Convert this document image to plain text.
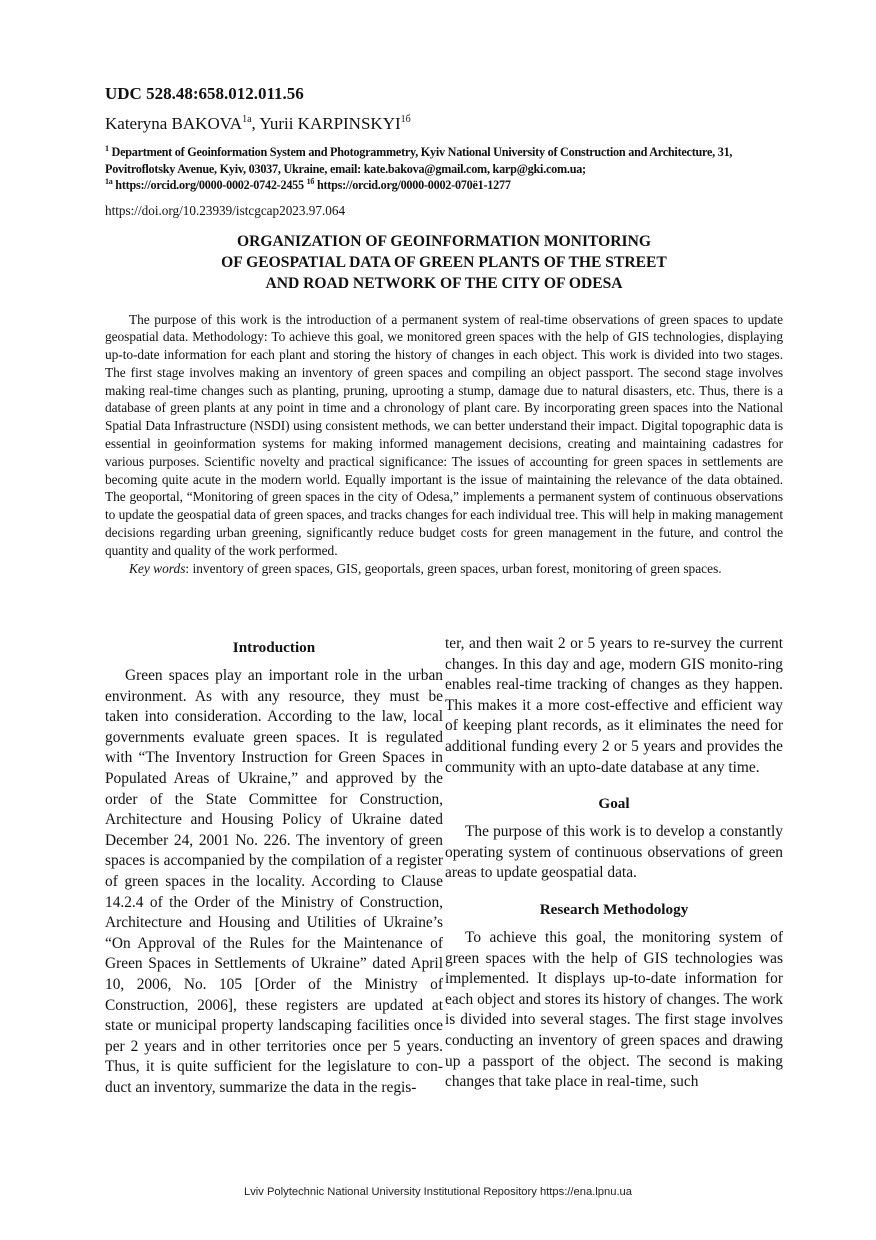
UDC 528.48:658.012.011.56
Kateryna $BAKOVA^{1a}$, Yurii $KARPINSKYI^{1б}$

$^1$ Department of Geoinformation System and Photogrammetry, Kyiv National University of Construction and Architecture, 31, Povitroflotsky Avenue, Kyiv, 03037, Ukraine, email: kate.bakova@gmail.com, karp@gki.com.ua;
$^{1a}$ https://orcid.org/0000-0002-0742-2455 $^{1б}$ https://orcid.org/0000-0002-070ё1-1277

https://doi.org/10.23939/istcgcap2023.97.064
ORGANIZATION OF GEOINFORMATION MONITORING
OF GEOSPATIAL DATA OF GREEN PLANTS OF THE STREET
AND ROAD NETWORK OF THE CITY OF ODESA

The purpose of this work is the introduction of a permanent system of real-time observations of green spaces to update geospatial data. Methodology: To achieve this goal, we monitored green spaces with the help of GIS technologies, displaying up-to-date information for each plant and storing the history of changes in each object. This work is divided into two stages. The first stage involves making an inventory of green spaces and compiling an object passport. The second stage involves making real-time changes such as planting, pruning, uprooting a stump, damage due to natural disasters, etc. Thus, there is a database of green plants at any point in time and a chronology of plant care. By incorporating green spaces into the National Spatial Data Infrastructure (NSDI) using consistent methods, we can better understand their impact. Digital topographic data is essential in geoinformation systems for making informed management decisions, creating and maintaining cadastres for various purposes. Scientific novelty and practical significance: The issues of accounting for green spaces in settlements are becoming quite acute in the modern world. Equally important is the issue of maintaining the relevance of the data obtained. The geoportal, “Monitoring of green spaces in the city of Odesa,” implements a permanent system of continuous observations to update the geospatial data of green spaces, and tracks changes for each individual tree. This will help in making management decisions regarding urban greening, significantly reduce budget costs for green management in the future, and control the quantity and quality of the work performed.

Key words: inventory of green spaces, GIS, geoportals, green spaces, urban forest, monitoring of green spaces.

Introduction

Green spaces play an important role in the urban environment. As with any resource, they must be taken into consideration. According to the law, local governments evaluate green spaces. It is regulated with “The Inventory Instruction for Green Spaces in Populated Areas of Ukraine,” and approved by the order of the State Committee for Construction, Architecture and Housing Policy of Ukraine dated December 24, 2001 No. 226. The inventory of green spaces is accompanied by the compilation of a register of green spaces in the locality. According to Clause 14.2.4 of the Order of the Ministry of Construction, Architecture and Housing and Utilities of Ukraine’s “On Approval of the Rules for the Maintenance of Green Spaces in Settlements of Ukraine” dated April 10, 2006, No. 105 [Order of the Ministry of Construction, 2006], these registers are updated at state or municipal property landscaping facilities once per 2 years and in other territories once per 5 years. Thus, it is quite sufficient for the legislature to conduct an inventory, summarize the data in the regis-

ter, and then wait 2 or 5 years to re-survey the current changes. In this day and age, modern GIS monito-ring enables real-time tracking of changes as they happen. This makes it a more cost-effective and efficient way of keeping plant records, as it eliminates the need for additional funding every 2 or 5 years and provides the community with an upto-date database at any time.

Goal

The purpose of this work is to develop a constantly operating system of continuous observations of green areas to update geospatial data.

Research Methodology

To achieve this goal, the monitoring system of green spaces with the help of GIS technologies was implemented. It displays up-to-date information for each object and stores its history of changes. The work is divided into several stages. The first stage involves conducting an inventory of green spaces and drawing up a passport of the object. The second is making changes that take place in real-time, such

Lviv Polytechnic National University Institutional Repository https://ena.lpnu.ua
